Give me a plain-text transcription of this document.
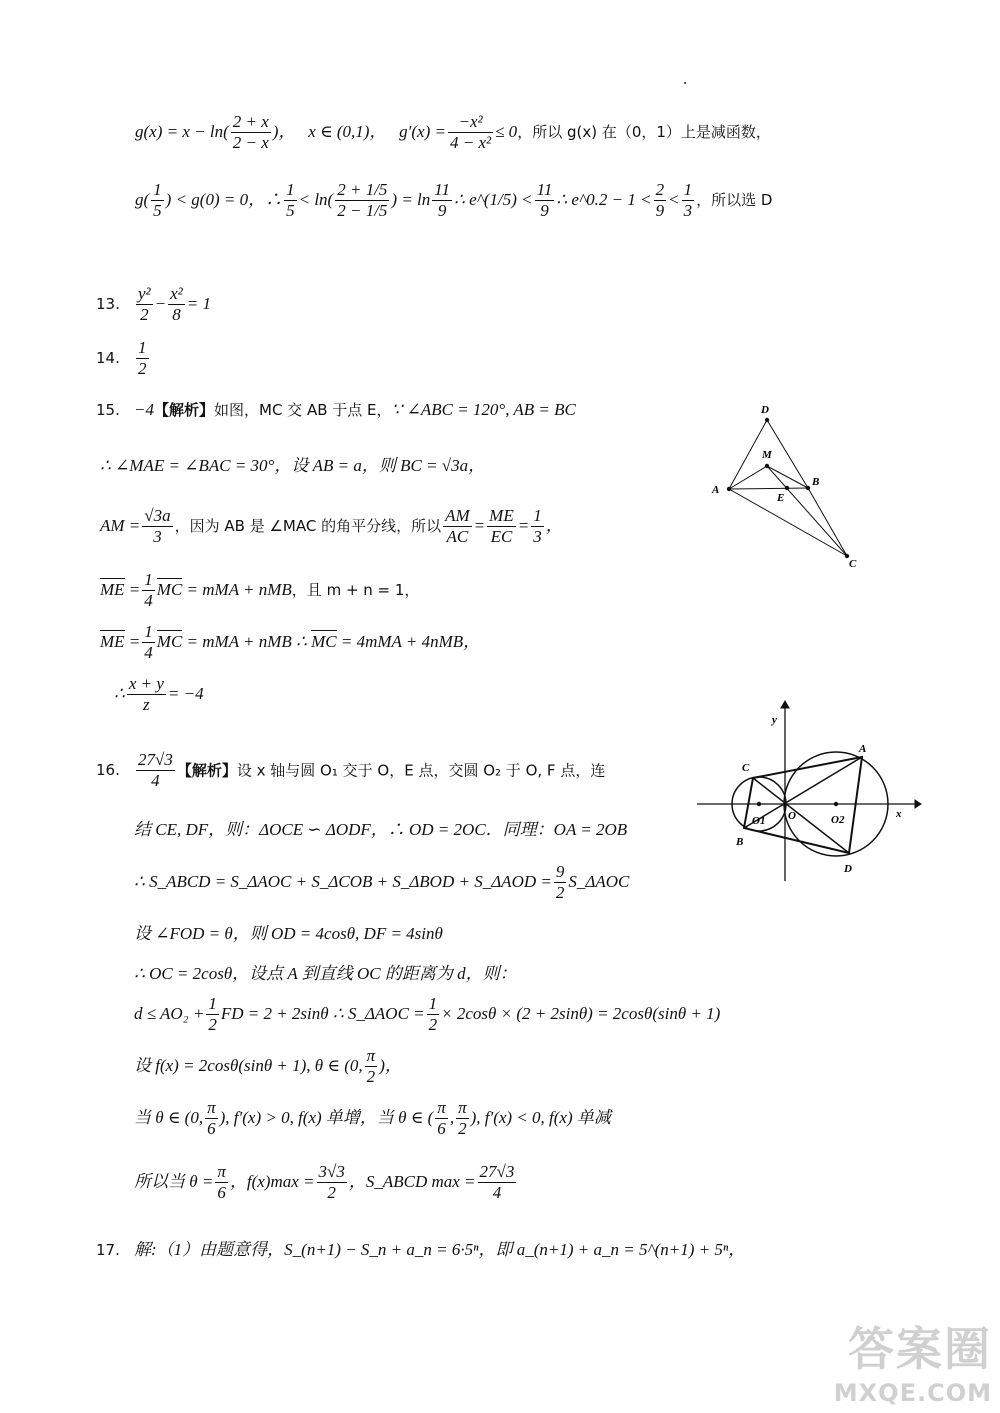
$g(x) = x - \ln( \frac{2 + x}{2 - x}$ )， x ∈ (0,1)， $g'(x) = \frac{\text{−x²}}{\text{4 − x²}} \le 0$，所以 g(x) 在（0，1）上是减函数，
$g( \frac{1}{5}$ ) < g(0) = 0，∴ $\frac{1}{5} < \ln( \frac{2 + 1/5}{2 - 1/5}$ ) = $\ln \frac{11}{9}$ ∴ e^(1/5) < $\frac{11}{9}$ ∴ e^0.2 − $1 < \frac{2}{9} < \frac{1}{3}$ ，所以选 D
13. $\frac{\text{y²}}{2} - \frac{\text{x²}}{8} = 1$
14. $\frac{1}{2}$
15. −4【解析】如图，MC 交 AB 于点 E，∵ ∠ABC = 120°, AB = BC
∴ ∠MAE = ∠BAC = 30°，设 AB = a，则 BC = √3a，
AM = $\frac{√3a}{3}$ ，因为 AB 是 ∠MAC 的角平分线，所以 $\frac{AM}{AC} = \frac{ME}{EC} = \frac{1}{3}$ ，
ME = $\frac{1}{4}$ MC = mMA + nMB，且 m + n = 1，
ME = $\frac{1}{4}$ MC = mMA + nMB ∴ MC = 4mMA + 4nMB，
∴ $\frac{x + y}{z} = -4$
D
M
B
A
E
C
16. $\frac{27√3}{4}$ 【解析】设 x 轴与圆 O₁ 交于 O，E 点，交圆 O₂ 于 O, F 点，连
结 CE, DF，则：ΔOCE ∽ ΔODF，∴ OD = 2OC．同理：OA = 2OB
∴ S_ABCD = S_ΔAOC + S_ΔCOB + S_ΔBOD + S_ΔAOD = $\frac{9}{2}$ S_ΔAOC
设 ∠FOD = θ，则 OD = 4cosθ, DF = 4sinθ
∴ OC = 2cosθ，设点 A 到直线 OC 的距离为 d，则：
$d \le AO_2 + \frac{1}{2}$ FD = 2 + 2sinθ ∴ S_ΔAOC = $\frac{1}{2} \times 2\cos\theta \times (2 + 2\sin\theta) = 2\cos\theta(\sin\theta + 1)$
设 f(x) = 2cosθ(sinθ + 1), θ ∈ (0, $\frac{\pi}{2}$ )，
当 θ ∈ (0, $\frac{\pi}{6}$ ), f′(x) > 0, f(x) 单增，当 θ ∈ ( $\frac{\pi}{6}$ , $\frac{\pi}{2}$ ), f′(x) < 0, f(x) 单减
所以当 $\theta = \frac{\pi}{6}$ ，$f(x)\max = \frac{3√3}{2}$ ，S_ABCD $\max = \frac{27√3}{4}$
y
A
C
O1 O	O2	x
B
D
17. 解:（1）由题意得，S_(n+1) − S_n + a_n = 6·5ⁿ，即 a_(n+1) + a_n = 5^(n+1) + 5ⁿ，
答案圈
MXQE.COM
